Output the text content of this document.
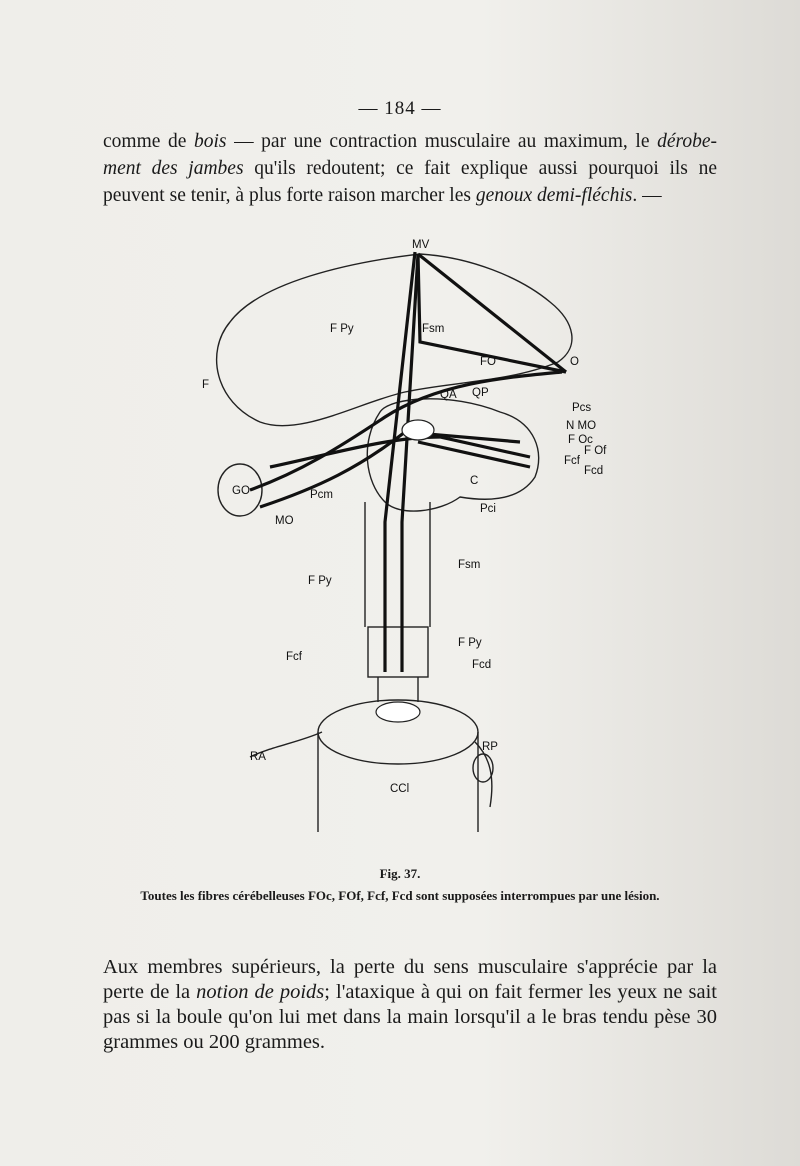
— 184 —
comme de bois — par une contraction musculaire au maximum, le dérobe-ment des jambes qu'ils redoutent; ce fait explique aussi pourquoi ils ne peuvent se tenir, à plus forte raison marcher les genoux demi-fléchis. —
MV
F Py	Fsm
FO	O
F
QA QP
Pcs
N MO
F Oc
F Of
Fcf
Fcd
GO
C
Pcm
MO
Pci
Fsm
F Py
F Py
Fcf
Fcd
RA
RP
CCl
Fig. 37.
Toutes les fibres cérébelleuses FOc, FOf, Fcf, Fcd sont supposées interrompues par une lésion.
Aux membres supérieurs, la perte du sens musculaire s'apprécie par la perte de la notion de poids; l'ataxique à qui on fait fermer les yeux ne sait pas si la boule qu'on lui met dans la main lorsqu'il a le bras tendu pèse 30 grammes ou 200 grammes.
